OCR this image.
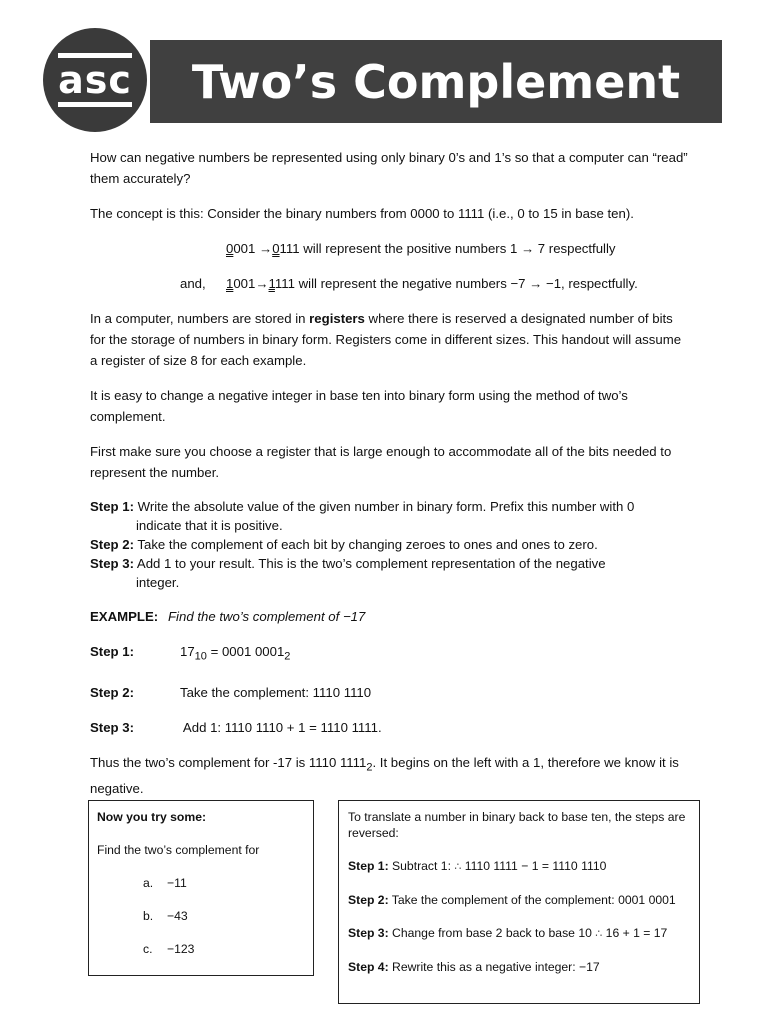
asc Two’s Complement

How can negative numbers be represented using only binary 0’s and 1’s so that a computer can “read” them accurately?

The concept is this: Consider the binary numbers from 0000 to 1111 (i.e., 0 to 15 in base ten).

0001 →0111 will represent the positive numbers 1 → 7 respectfully

and, 1001→1111 will represent the negative numbers −7 → −1, respectfully.

In a computer, numbers are stored in registers where there is reserved a designated number of bits for the storage of numbers in binary form. Registers come in different sizes. This handout will assume a register of size 8 for each example.

It is easy to change a negative integer in base ten into binary form using the method of two’s complement.

First make sure you choose a register that is large enough to accommodate all of the bits needed to represent the number.

Step 1: Write the absolute value of the given number in binary form. Prefix this number with 0
indicate that it is positive.
Step 2: Take the complement of each bit by changing zeroes to ones and ones to zero.
Step 3: Add 1 to your result. This is the two’s complement representation of the negative
integer.

EXAMPLE: Find the two’s complement of −17

Step 1:	$17_{10} = 0001$ $0001_2$

Step 2:	Take the complement: 1110 1110

Step 3:	Add 1: 1110 1110 + 1 = 1110 1111.

Thus the two’s complement for -17 is 1110 $1111_2$. It begins on the left with a 1, therefore we know it is negative.

Now you try some:
Find the two’s complement for
a.	−11
b.	−43
c.	−123
To translate a number in binary back to base ten, the steps are reversed:
Step 1: Subtract 1: ∴ 1110 1111 − 1 = 1110 1110
Step 2: Take the complement of the complement: 0001 0001
Step 3: Change from base 2 back to base 10 ∴ 16 + 1 = 17
Step 4: Rewrite this as a negative integer: −17
